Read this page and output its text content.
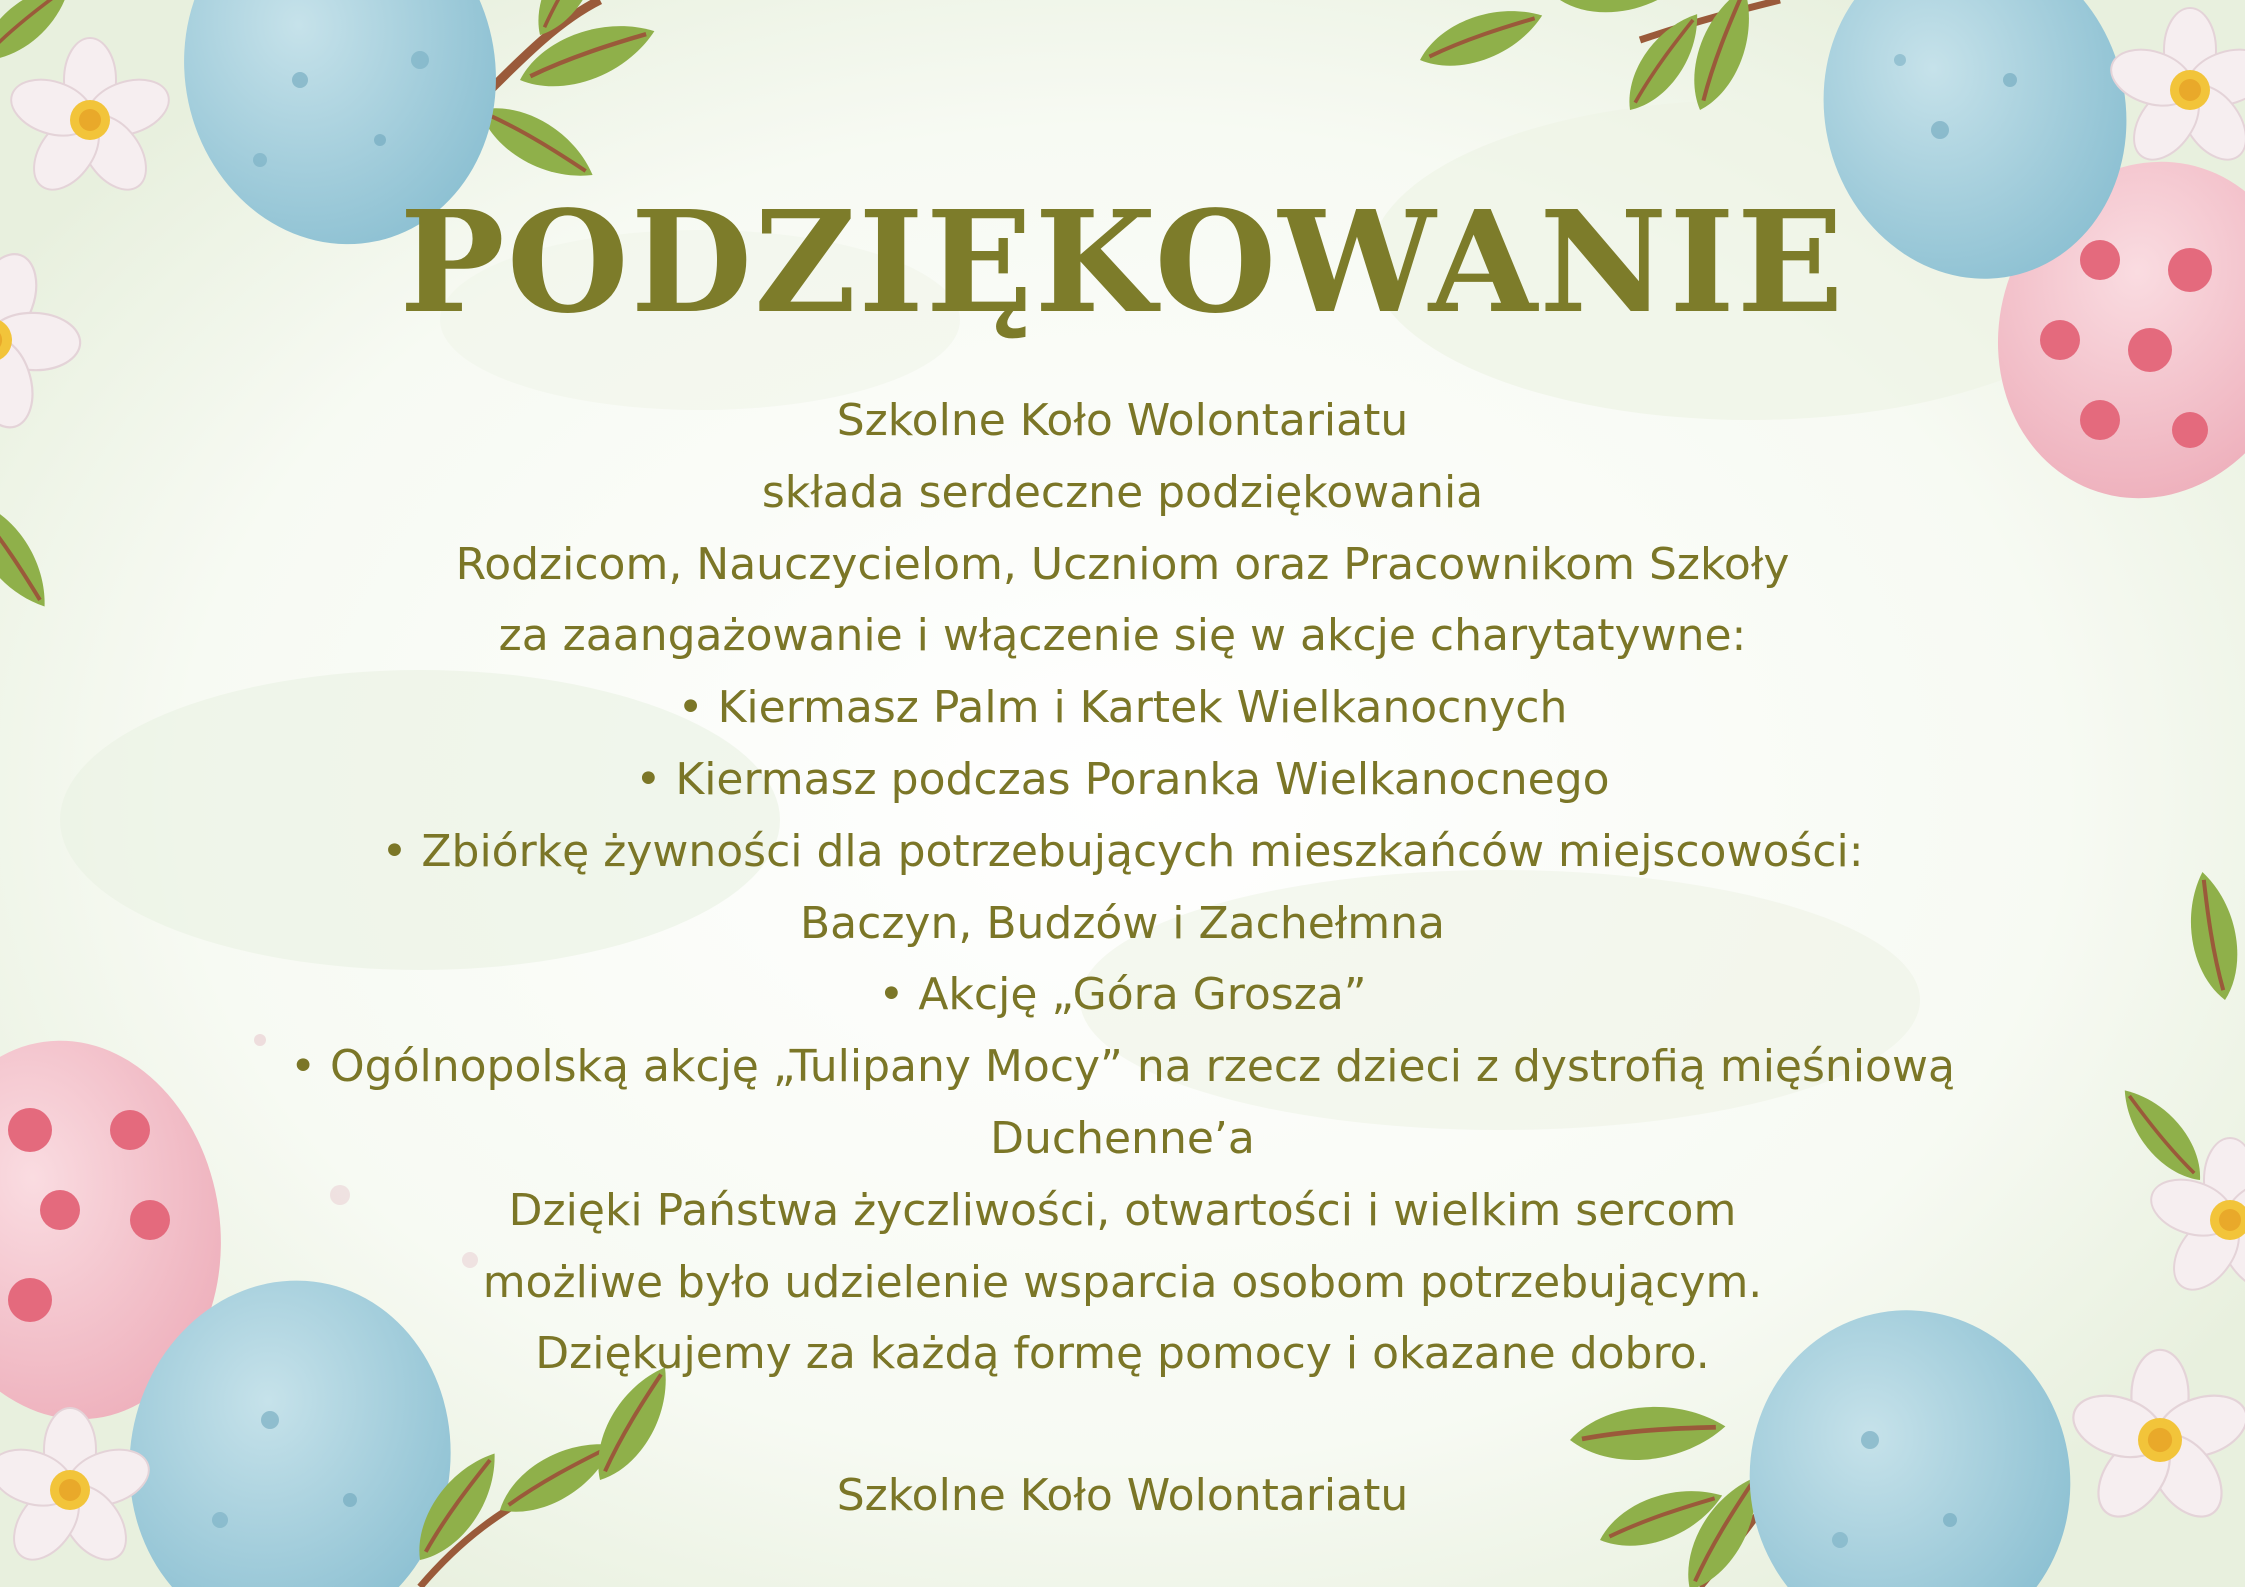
PODZIĘKOWANIE
Szkolne Koło Wolontariatu
składa serdeczne podziękowania
Rodzicom, Nauczycielom, Uczniom oraz Pracownikom Szkoły
za zaangażowanie i włączenie się w akcje charytatywne:
• Kiermasz Palm i Kartek Wielkanocnych
• Kiermasz podczas Poranka Wielkanocnego
• Zbiórkę żywności dla potrzebujących mieszkańców miejscowości:
Baczyn, Budzów i Zachełmna
• Akcję „Góra Grosza”
• Ogólnopolską akcję „Tulipany Mocy” na rzecz dzieci z dystrofią mięśniową
Duchenne’a
Dzięki Państwa życzliwości, otwartości i wielkim sercom
możliwe było udzielenie wsparcia osobom potrzebującym.
Dziękujemy za każdą formę pomocy i okazane dobro.
Szkolne Koło Wolontariatu
